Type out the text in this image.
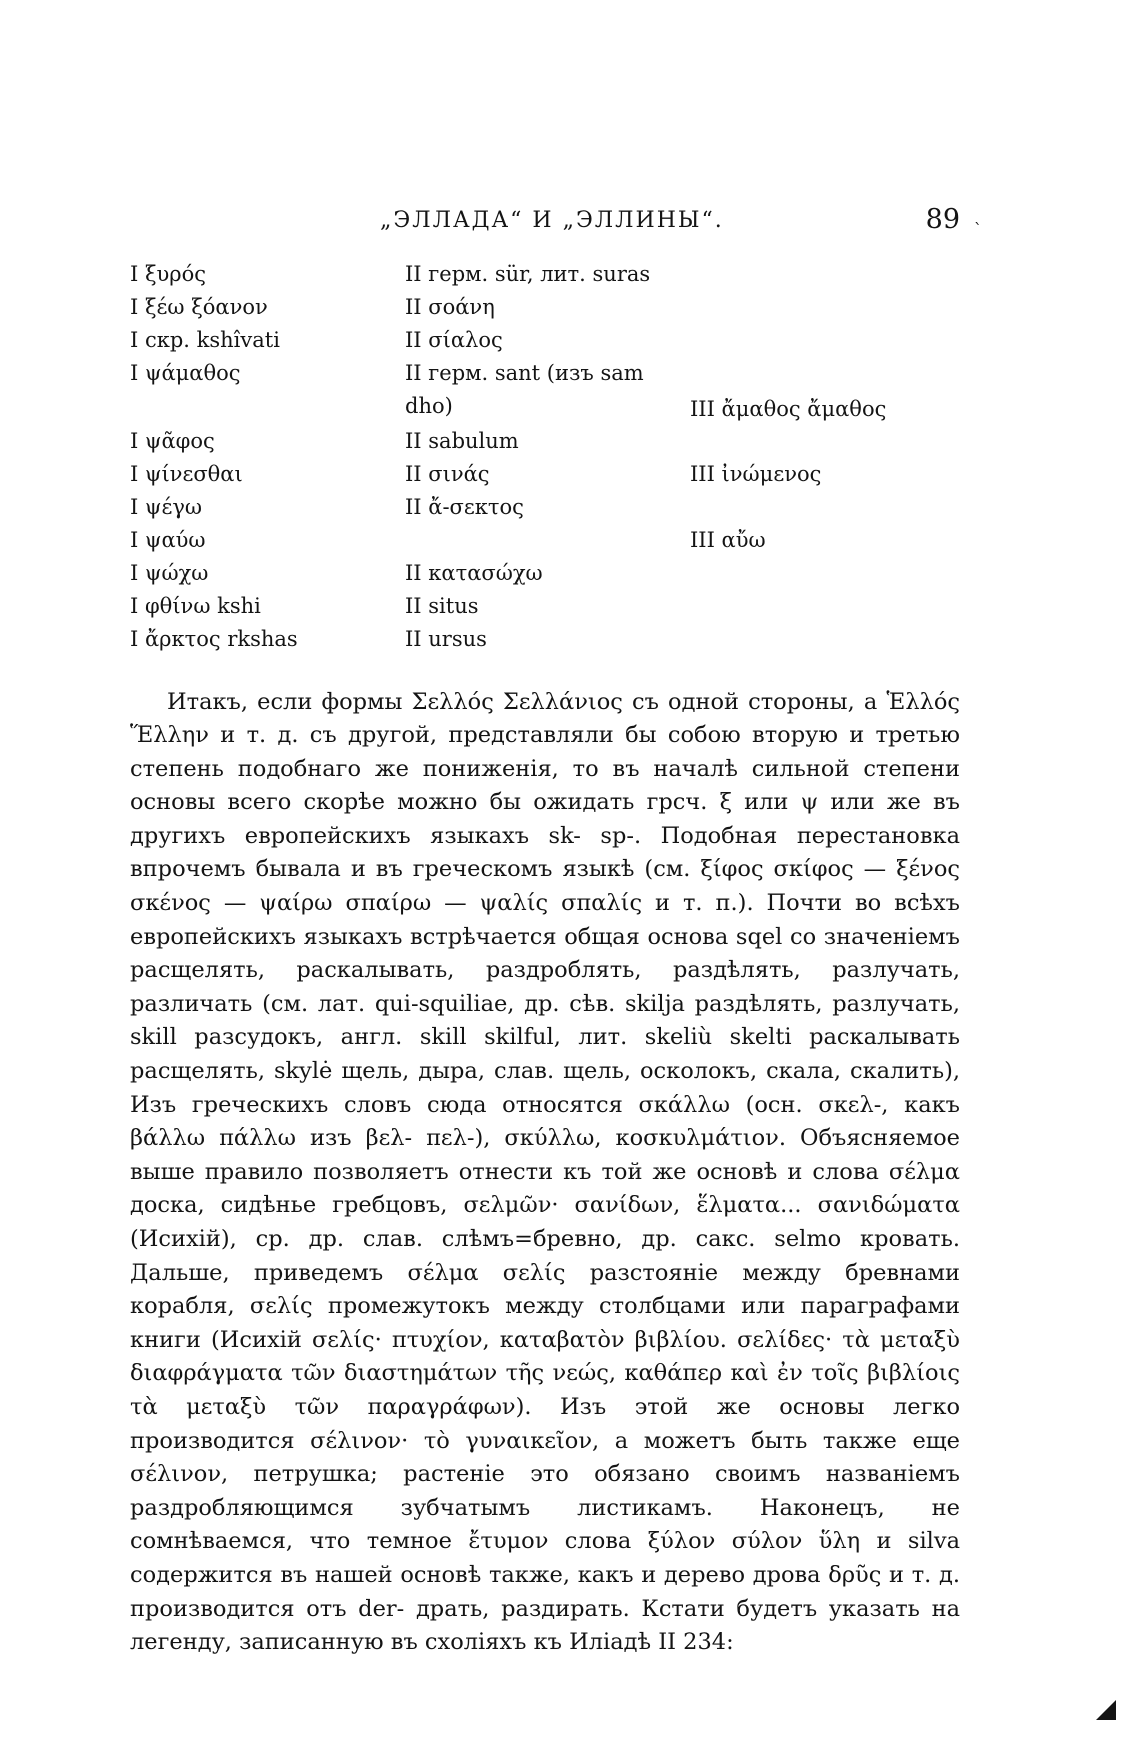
„ЭЛЛАДА“ И „ЭЛЛИНЫ“.	89 `
I ξυρός	II герм. sür, лит. suras
I ξέω ξόανον	II σοάνη
I скр. kshîvati	II σίαλος
I ψάμαθος	II герм. sant (изъ sam dho)	III ἄμαθος ἄμαθος
I ψᾶφος	II sabulum
I ψίνεσθαι	II σινάς	III ἰνώμενος
I ψέγω	II ἄ-σεκτος
I ψαύω	III αὔω
I ψώχω	II κατασώχω
I φθίνω kshi	II situs
I ἄρκτος rkshas	II ursus

Итакъ, если формы Σελλός Σελλάνιος съ одной стороны, а Ἑλλός Ἕλλην и т. д. съ другой, представляли бы собою вторую и третью степень подобнаго же пониженія, то въ началѣ сильной степени основы всего скорѣе можно бы ожидать грсч. ξ или ψ или же въ другихъ европейскихъ языкахъ sk- sp-. Подобная перестановка впрочемъ бывала и въ греческомъ языкѣ (см. ξίφος σκίφος — ξένος σκένος — ψαίρω σπαίρω — ψαλίς σπαλίς и т. п.). Почти во всѣхъ европейскихъ языкахъ встрѣчается общая основа sqel со значеніемъ расщелять, раскалывать, раздроблять, раздѣлять, разлучать, различать (см. лат. qui-squiliae, др. сѣв. skilja раздѣлять, разлучать, skill разсудокъ, англ. skill skilful, лит. skeliù skelti раскалывать расщелять, skylė щель, дыра, слав. щель, осколокъ, скала, скалить), Изъ греческихъ словъ сюда относятся σκάλλω (осн. σκελ-, какъ βάλλω πάλλω изъ βελ- πελ-), σκύλλω, κοσκυλμάτιον. Объясняемое выше правило позволяетъ отнести къ той же основѣ и слова σέλμα доска, сидѣнье гребцовъ, σελμῶν· σανίδων, ἕλματα... σανιδώματα (Исихій), ср. др. слав. слѣмъ=бревно, др. сакс. selmo кровать. Дальше, приведемъ σέλμα σελίς разстояніе между бревнами корабля, σελίς промежутокъ между столбцами или параграфами книги (Исихій σελίς· πτυχίον, καταβατὸν βιβλίου. σελίδες· τὰ μεταξὺ διαφράγματα τῶν διαστημάτων τῆς νεώς, καθάπερ καὶ ἐν τοῖς βιβλίοις τὰ μεταξὺ τῶν παραγράφων). Изъ этой же основы легко производится σέλινον· τὸ γυναικεῖον, а можетъ быть также еще σέλινον, петрушка; растеніе это обязано своимъ названіемъ раздробляющимся зубчатымъ листикамъ. Наконецъ, не сомнѣваемся, что темное ἔτυμον слова ξύλον σύλον ὕλη и silva содержится въ нашей основѣ также, какъ и дерево дрова δρῦς и т. д. производится отъ der- драть, раздирать. Кстати будетъ указать на легенду, записанную въ схоліяхъ къ Иліадѣ II 234:
